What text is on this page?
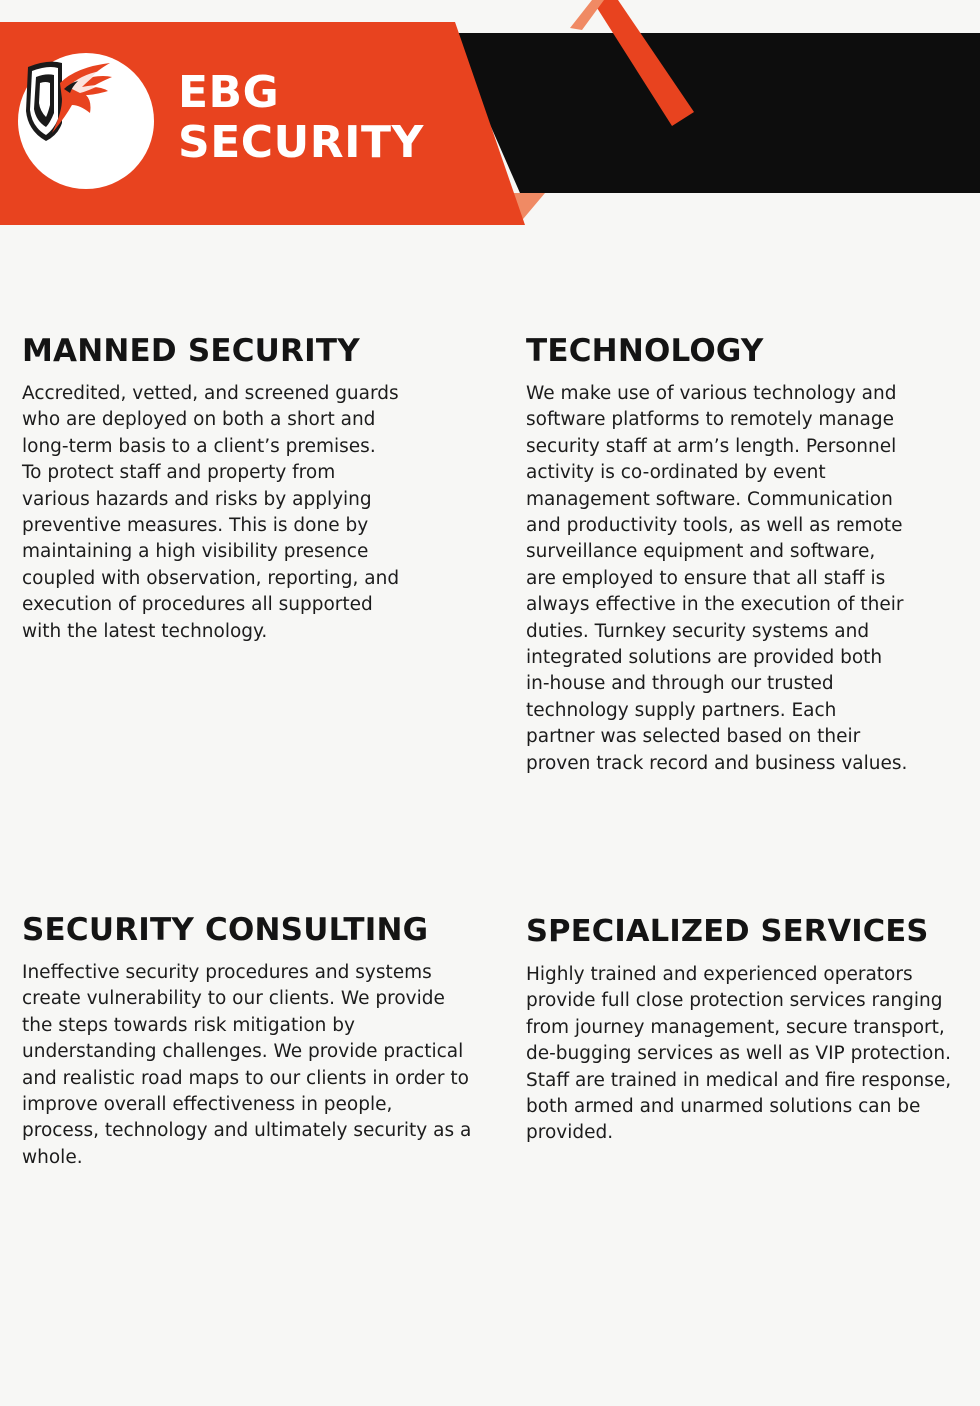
EBG
SECURITY
MANNED SECURITY

Accredited, vetted, and screened guards who are deployed on both a short and long-term basis to a client’s premises. To protect staff and property from various hazards and risks by applying preventive measures. This is done by maintaining a high visibility presence coupled with observation, reporting, and execution of procedures all supported with the latest technology.

TECHNOLOGY

We make use of various technology and software platforms to remotely manage security staff at arm’s length. Personnel activity is co-ordinated by event management software. Communication and productivity tools, as well as remote surveillance equipment and software, are employed to ensure that all staff is always effective in the execution of their duties. Turnkey security systems and integrated solutions are provided both in-house and through our trusted technology supply partners. Each partner was selected based on their proven track record and business values.

SECURITY CONSULTING

Ineffective security procedures and systems create vulnerability to our clients. We provide the steps towards risk mitigation by understanding challenges. We provide practical and realistic road maps to our clients in order to improve overall effectiveness in people, process, technology and ultimately security as a whole.

SPECIALIZED SERVICES

Highly trained and experienced operators provide full close protection services ranging from journey management, secure transport, de-bugging services as well as VIP protection. Staff are trained in medical and fire response, both armed and unarmed solutions can be provided.
